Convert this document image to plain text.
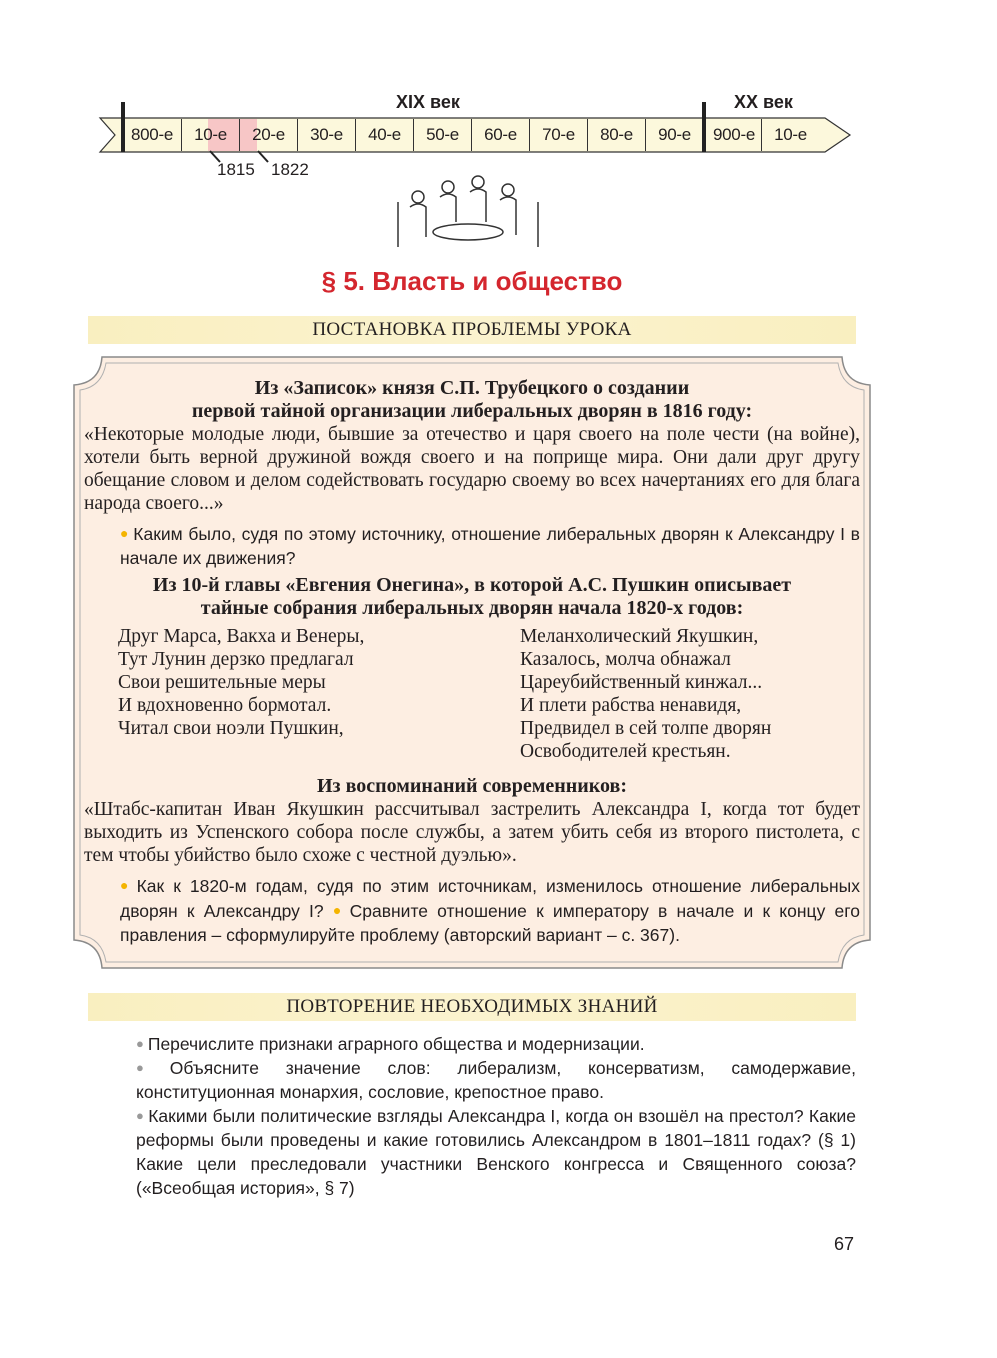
XIX век	XX век
800-е	10-е	20-е	30-е	40-е	50-е	60-е	70-е	80-е	90-е	900-е	10-е
1815 1822
§ 5. Власть и общество
ПОСТАНОВКА ПРОБЛЕМЫ УРОКА
Из «Записок» князя С.П. Трубецкого о создании
первой тайной организации либеральных дворян в 1816 году:
«Некоторые молодые люди, бывшие за отечество и царя своего на поле чести (на войне), хотели быть верной дружиной вождя своего и на поприще мира. Они дали друг другу обещание словом и делом содействовать государю своему во всех начертаниях его для блага народа своего...»
● Каким было, судя по этому источнику, отношение либеральных дворян к Александру I в начале их движения?
Из 10-й главы «Евгения Онегина», в которой А.С. Пушкин описывает
тайные собрания либеральных дворян начала 1820-х годов:
Друг Марса, Вакха и Венеры,
Тут Лунин дерзко предлагал
Свои решительные меры
И вдохновенно бормотал.
Читал свои ноэли Пушкин,
Меланхолический Якушкин,
Казалось, молча обнажал
Цареубийственный кинжал...
И плети рабства ненавидя,
Предвидел в сей толпе дворян
Освободителей крестьян.
Из воспоминаний современников:
«Штабс-капитан Иван Якушкин рассчитывал застрелить Александра I, когда тот будет выходить из Успенского собора после службы, а затем убить себя из второго пистолета, с тем чтобы убийство было схоже с честной дуэлью».
● Как к 1820-м годам, судя по этим источникам, изменилось отношение либеральных дворян к Александру I? ● Сравните отношение к императору в начале и к концу его правления – сформулируйте проблему (авторский вариант – с. 367).
ПОВТОРЕНИЕ НЕОБХОДИМЫХ ЗНАНИЙ
● Перечислите признаки аграрного общества и модернизации.
● Объясните значение слов: либерализм, консерватизм, самодержавие, конституционная монархия, сословие, крепостное право.
● Какими были политические взгляды Александра I, когда он взошёл на престол? Какие реформы были проведены и какие готовились Александром в 1801–1811 годах? (§ 1) Какие цели преследовали участники Венского конгресса и Священного союза? («Всеобщая история», § 7)
67
